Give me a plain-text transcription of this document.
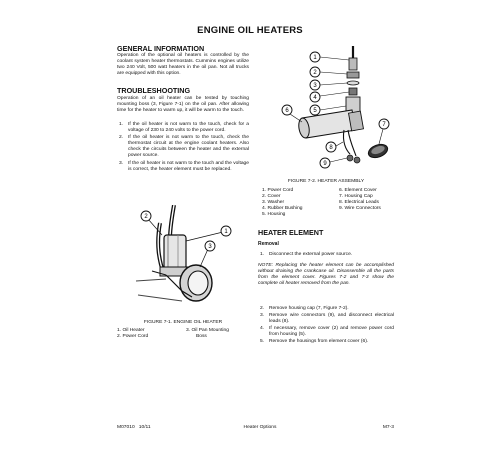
ENGINE OIL HEATERS
GENERAL INFORMATION
Operation of the optional oil heaters is controlled by the coolant system heater thermostats. Cummins engines utilize two 240 Volt, 500 watt heaters in the oil pan. Not all trucks are equipped with this option.
TROUBLESHOOTING
Operation of an oil heater can be tested by touching mounting boss (3, Figure 7-1) on the oil pan. After allowing time for the heater to warm up, it will be warm to the touch.
1. If the oil heater is not warm to the touch, check for a voltage of 230 to 240 volts to the power cord.
2. If the oil heater is not warm to the touch, check the thermostat circuit at the engine coolant heaters. Also check the circuits between the heater and the external power source.
3. If the oil heater is not warm to the touch and the voltage is correct, the heater element must be replaced.
2
1
3
FIGURE 7-1. ENGINE OIL HEATER
1. Oil Heater
2. Power Cord
3. Oil Pan Mounting
Boss
1
2
3
4
5
6
7
8
9
FIGURE 7-2. HEATER ASSEMBLY
1. Power Cord
2. Cover
3. Washer
4. Rubber Bushing
5. Housing
6. Element Cover
7. Housing Cap
8. Electrical Leads
9. Wire Connectors
HEATER ELEMENT
Removal
1. Disconnect the external power source.
NOTE: Replacing the heater element can be accomplished without draining the crankcase oil. Disassemble all the parts from the element cover. Figures 7-2 and 7-3 show the complete oil heater removed from the pan.
2. Remove housing cap (7, Figure 7-2).
3. Remove wire connectors (9), and disconnect electrical leads (8).
4. If necessary, remove cover (2) and remove power cord from housing (5).
5. Remove the housings from element cover (6).
M07010   10/11	Heater Options	M7-3
